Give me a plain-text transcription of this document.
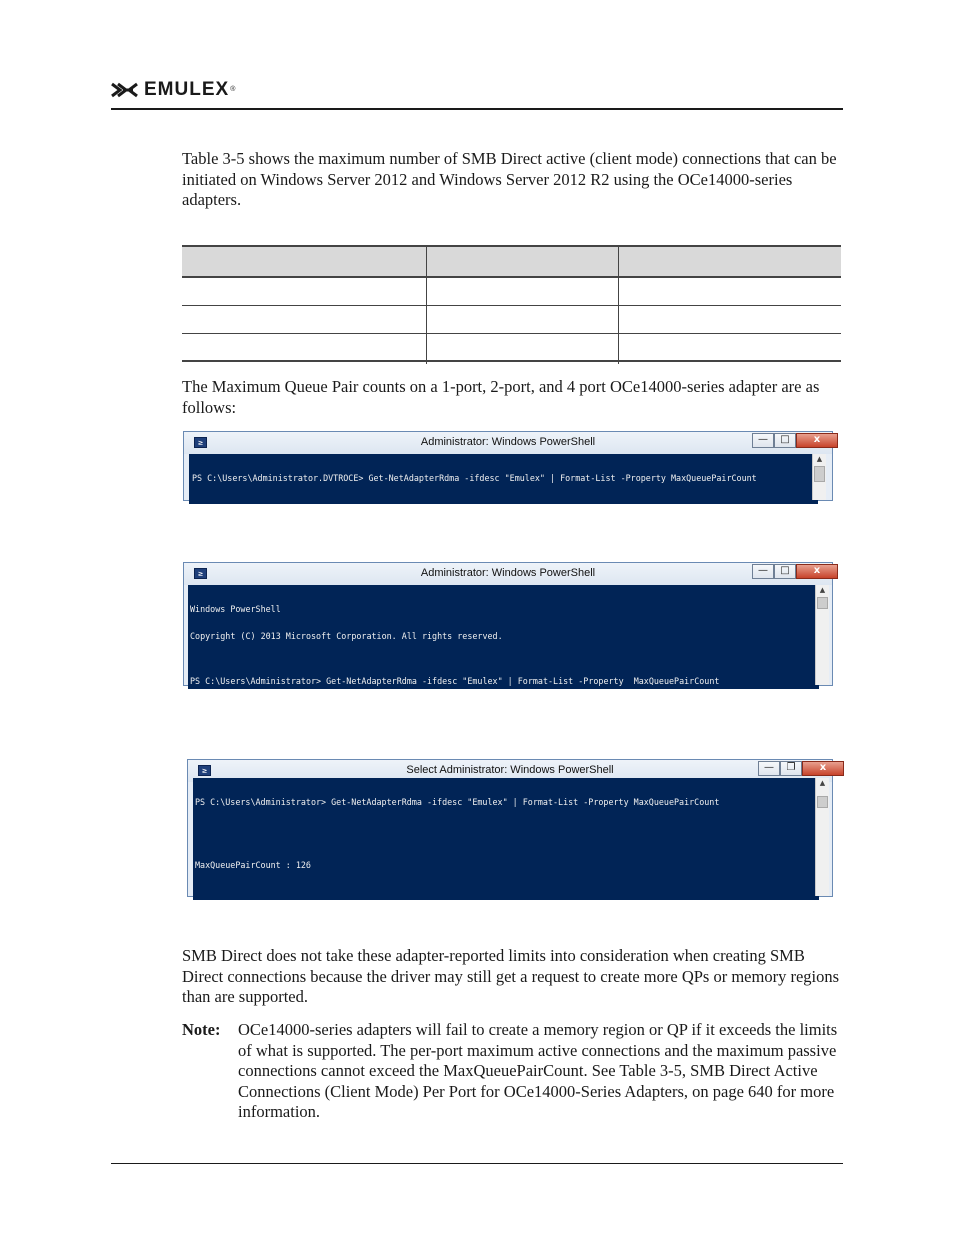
EMULEX®
Table 3-5 shows the maximum number of SMB Direct active (client mode) connections that can be initiated on Windows Server 2012 and Windows Server 2012 R2 using the OCe14000-series adapters.
The Maximum Queue Pair counts on a 1-port, 2-port, and 4 port OCe14000-series adapter are as follows:
≥	Administrator: Windows PowerShell	—	□	x

PS C:\Users\Administrator.DVTROCE> Get-NetAdapterRdma -ifdesc "Emulex" | Format-List -Property MaxQueuePairCount

▲
≥	Administrator: Windows PowerShell	—	□	x

Windows PowerShell

Copyright (C) 2013 Microsoft Corporation. All rights reserved.

PS C:\Users\Administrator> Get-NetAdapterRdma -ifdesc "Emulex" | Format-List -Property  MaxQueuePairCount

▲
≥	Select Administrator: Windows PowerShell	—	❐	x

PS C:\Users\Administrator> Get-NetAdapterRdma -ifdesc "Emulex" | Format-List -Property MaxQueuePairCount

MaxQueuePairCount : 126

▲
SMB Direct does not take these adapter-reported limits into consideration when creating SMB Direct connections because the driver may still get a request to create more QPs or memory regions than are supported.
Note: OCe14000-series adapters will fail to create a memory region or QP if it exceeds the limits of what is supported. The per-port maximum active connections and the maximum passive connections cannot exceed the MaxQueuePairCount. See Table 3-5, SMB Direct Active Connections (Client Mode) Per Port for OCe14000-Series Adapters, on page 640 for more information.
